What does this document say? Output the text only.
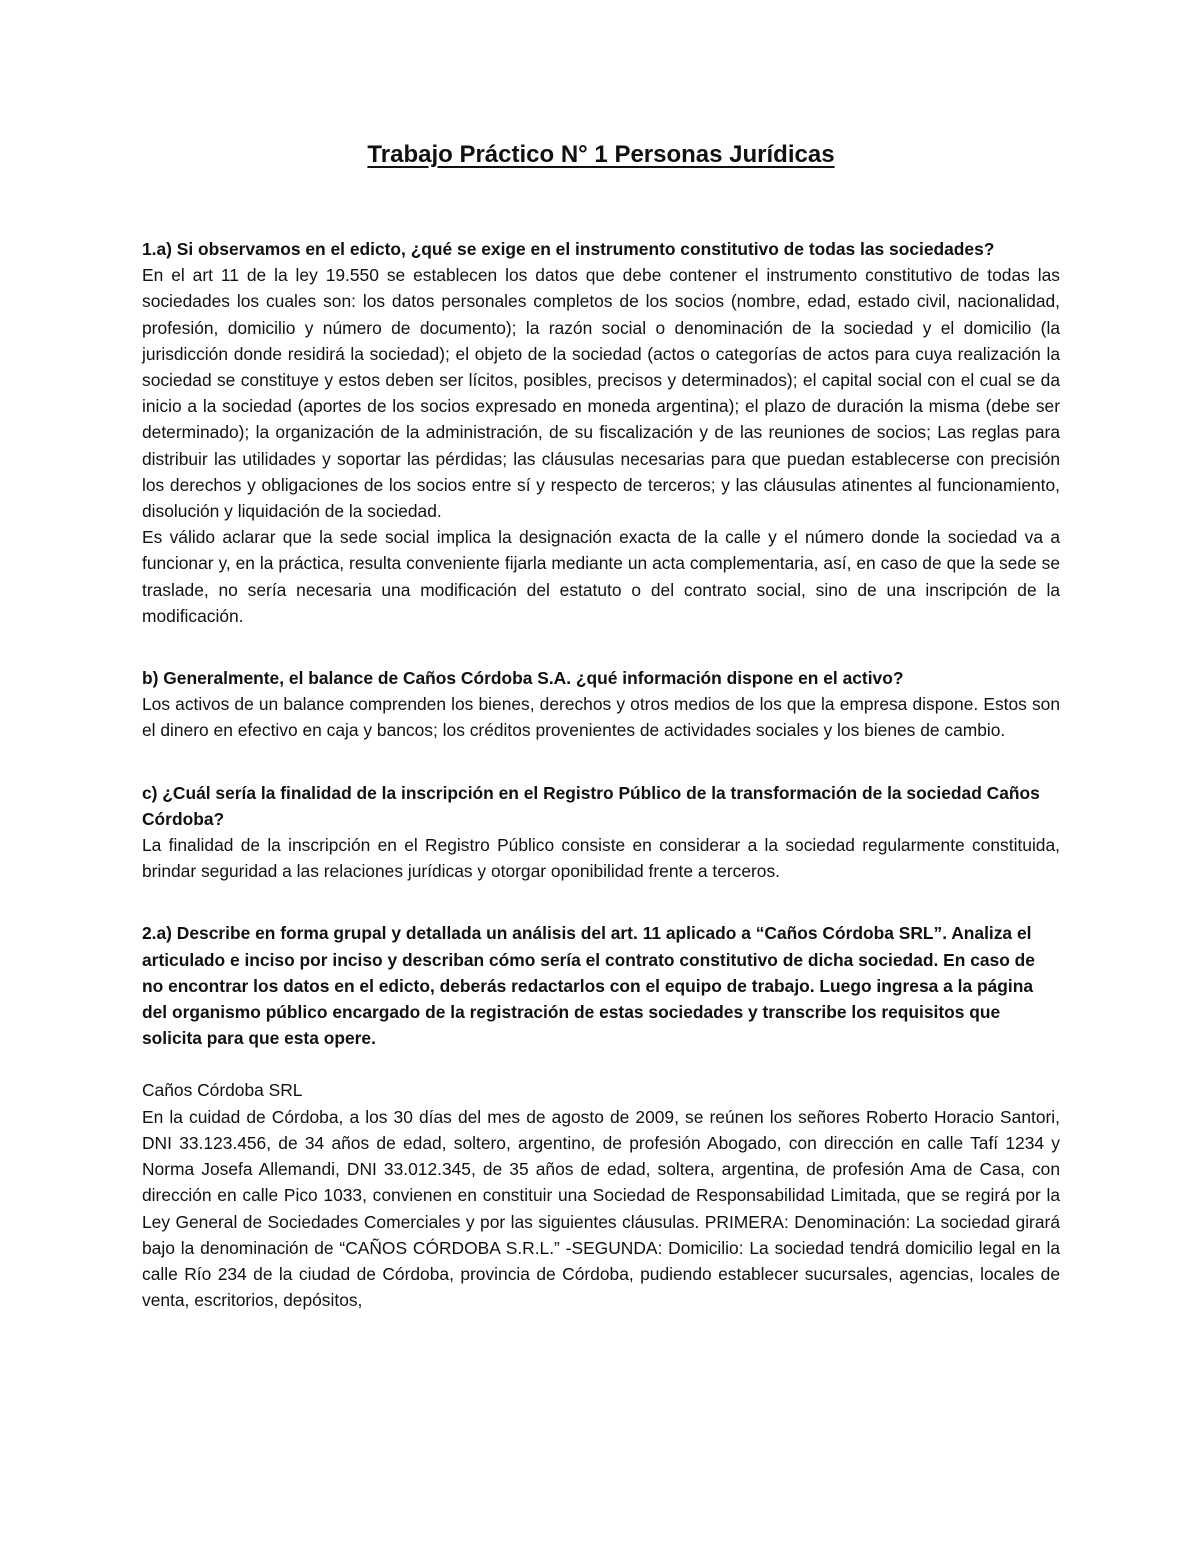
Trabajo Práctico N° 1 Personas Jurídicas

1.a) Si observamos en el edicto, ¿qué se exige en el instrumento constitutivo de todas las sociedades?

En el art 11 de la ley 19.550 se establecen los datos que debe contener el instrumento constitutivo de todas las sociedades los cuales son: los datos personales completos de los socios (nombre, edad, estado civil, nacionalidad, profesión, domicilio y número de documento); la razón social o denominación de la sociedad y el domicilio (la jurisdicción donde residirá la sociedad); el objeto de la sociedad (actos o categorías de actos para cuya realización la sociedad se constituye y estos deben ser lícitos, posibles, precisos y determinados); el capital social con el cual se da inicio a la sociedad (aportes de los socios expresado en moneda argentina); el plazo de duración la misma (debe ser determinado); la organización de la administración, de su fiscalización y de las reuniones de socios; Las reglas para distribuir las utilidades y soportar las pérdidas; las cláusulas necesarias para que puedan establecerse con precisión los derechos y obligaciones de los socios entre sí y respecto de terceros; y las cláusulas atinentes al funcionamiento, disolución y liquidación de la sociedad.

Es válido aclarar que la sede social implica la designación exacta de la calle y el número donde la sociedad va a funcionar y, en la práctica, resulta conveniente fijarla mediante un acta complementaria, así, en caso de que la sede se traslade, no sería necesaria una modificación del estatuto o del contrato social, sino de una inscripción de la modificación.

b) Generalmente, el balance de Caños Córdoba S.A. ¿qué información dispone en el activo?

Los activos de un balance comprenden los bienes, derechos y otros medios de los que la empresa dispone. Estos son el dinero en efectivo en caja y bancos; los créditos provenientes de actividades sociales y los bienes de cambio.

c) ¿Cuál sería la finalidad de la inscripción en el Registro Público de la transformación de la sociedad Caños Córdoba?

La finalidad de la inscripción en el Registro Público consiste en considerar a la sociedad regularmente constituida, brindar seguridad a las relaciones jurídicas y otorgar oponibilidad frente a terceros.

2.a) Describe en forma grupal y detallada un análisis del art. 11 aplicado a “Caños Córdoba SRL”. Analiza el articulado e inciso por inciso y describan cómo sería el contrato constitutivo de dicha sociedad. En caso de no encontrar los datos en el edicto, deberás redactarlos con el equipo de trabajo. Luego ingresa a la página del organismo público encargado de la registración de estas sociedades y transcribe los requisitos que solicita para que esta opere.

Caños Córdoba SRL

En la cuidad de Córdoba, a los 30 días del mes de agosto de 2009, se reúnen los señores Roberto Horacio Santori, DNI 33.123.456, de 34 años de edad, soltero, argentino, de profesión Abogado, con dirección en calle Tafí 1234 y Norma Josefa Allemandi, DNI 33.012.345, de 35 años de edad, soltera, argentina, de profesión Ama de Casa, con dirección en calle Pico 1033, convienen en constituir una Sociedad de Responsabilidad Limitada, que se regirá por la Ley General de Sociedades Comerciales y por las siguientes cláusulas. PRIMERA: Denominación: La sociedad girará bajo la denominación de “CAÑOS CÓRDOBA S.R.L.” -SEGUNDA: Domicilio: La sociedad tendrá domicilio legal en la calle Río 234 de la ciudad de Córdoba, provincia de Córdoba, pudiendo establecer sucursales, agencias, locales de venta, escritorios, depósitos,
